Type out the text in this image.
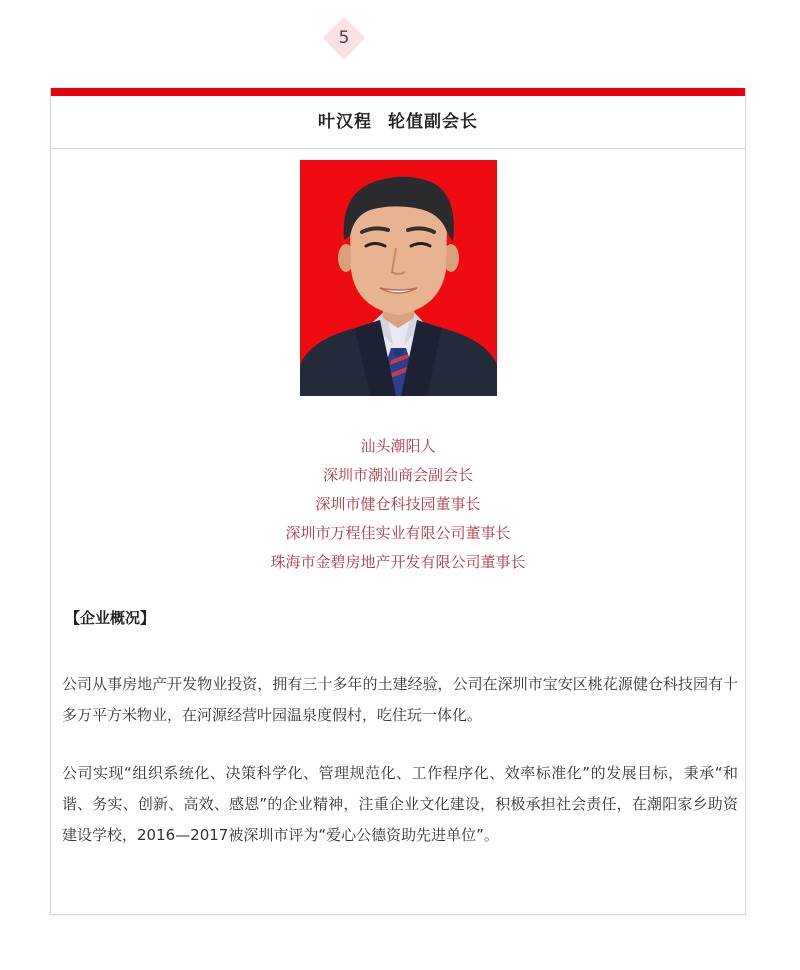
5
叶汉程 轮值副会长
汕头潮阳人
深圳市潮汕商会副会长
深圳市健仓科技园董事长
深圳市万程佳实业有限公司董事长
珠海市金碧房地产开发有限公司董事长
【企业概况】

公司从事房地产开发物业投资，拥有三十多年的土建经验，公司在深圳市宝安区桃花源健仓科技园有十多万平方米物业，在河源经营叶园温泉度假村，吃住玩一体化。

公司实现“组织系统化、决策科学化、管理规范化、工作程序化、效率标准化”的发展目标，秉承“和谐、务实、创新、高效、感恩”的企业精神，注重企业文化建设，积极承担社会责任，在潮阳家乡助资建设学校，2016—2017被深圳市评为“爱心公德资助先进单位”。
